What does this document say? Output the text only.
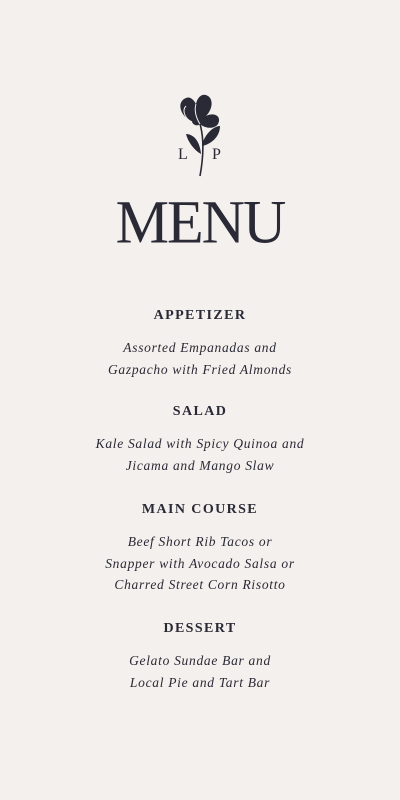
L P
MENU
APPETIZER
Assorted Empanadas and
Gazpacho with Fried Almonds
SALAD
Kale Salad with Spicy Quinoa and
Jicama and Mango Slaw
MAIN COURSE
Beef Short Rib Tacos or
Snapper with Avocado Salsa or
Charred Street Corn Risotto
DESSERT
Gelato Sundae Bar and
Local Pie and Tart Bar
